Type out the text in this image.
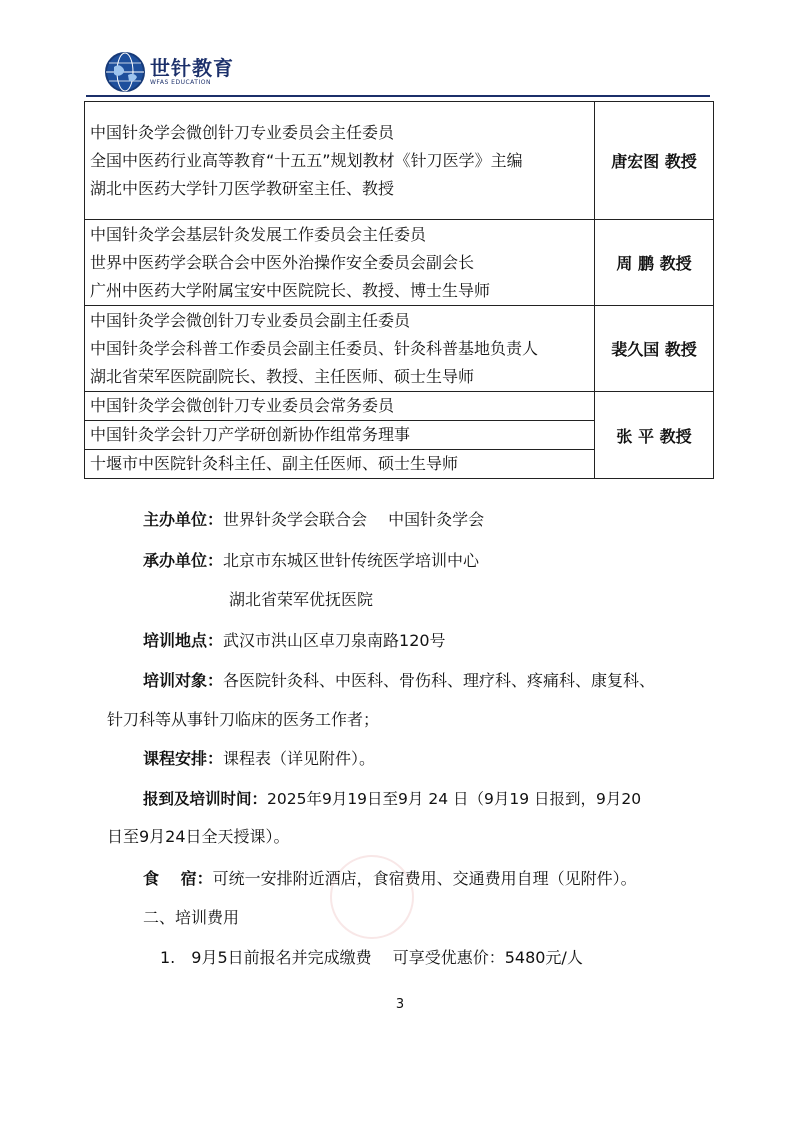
世针教育
WFAS EDUCATION
中国针灸学会微创针刀专业委员会主任委员
全国中医药行业高等教育“十五五”规划教材《针刀医学》主编
湖北中医药大学针刀医学教研室主任、教授	唐宏图 教授

中国针灸学会基层针灸发展工作委员会主任委员
世界中医药学会联合会中医外治操作安全委员会副会长
广州中医药大学附属宝安中医院院长、教授、博士生导师	周 鹏 教授

中国针灸学会微创针刀专业委员会副主任委员
中国针灸学会科普工作委员会副主任委员、针灸科普基地负责人
湖北省荣军医院副院长、教授、主任医师、硕士生导师	裴久国 教授

中国针灸学会微创针刀专业委员会常务委员
中国针灸学会针刀产学研创新协作组常务理事
十堰市中医院针灸科主任、副主任医师、硕士生导师	张 平 教授
主办单位：世界针灸学会联合会　 中国针灸学会
承办单位：北京市东城区世针传统医学培训中心
湖北省荣军优抚医院
培训地点：武汉市洪山区卓刀泉南路120号
培训对象：各医院针灸科、中医科、骨伤科、理疗科、疼痛科、康复科、
针刀科等从事针刀临床的医务工作者；
课程安排：课程表（详见附件）。
报到及培训时间：2025年9月19日至9月 24 日（9月19 日报到，9月20
日至9月24日全天授课）。
食　 宿：可统一安排附近酒店，食宿费用、交通费用自理（见附件）。
二、培训费用
1.　9月5日前报名并完成缴费　 可享受优惠价：5480元/人
3
